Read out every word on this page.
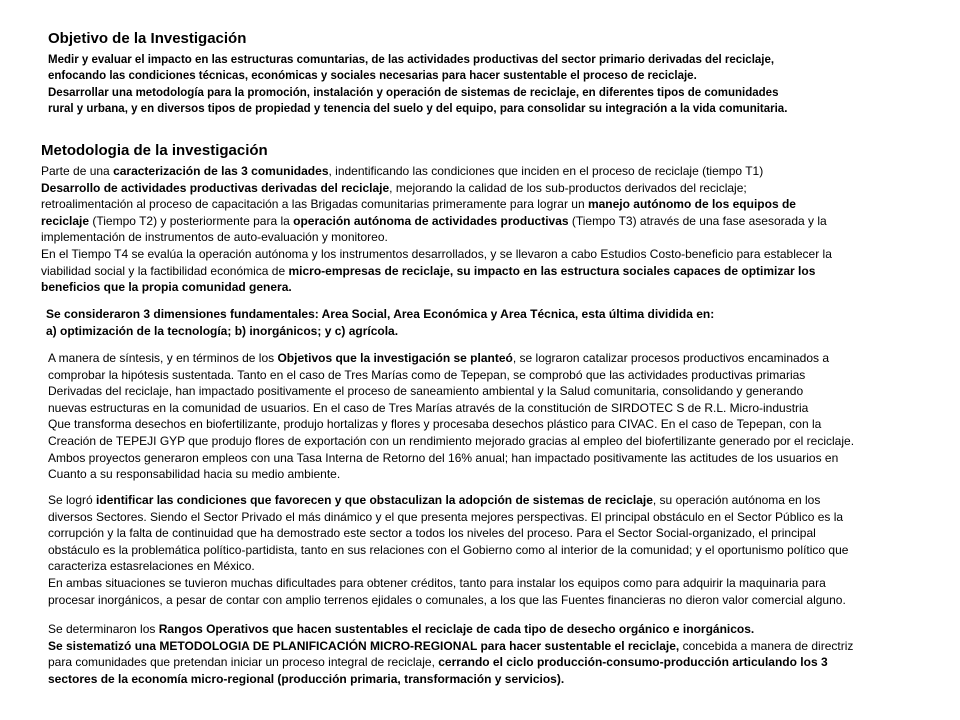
Objetivo de la Investigación
Medir y evaluar el impacto en las estructuras comuntarias, de las actividades productivas del sector primario derivadas del reciclaje,
enfocando las condiciones técnicas, económicas y sociales necesarias para hacer sustentable el proceso de reciclaje.
Desarrollar una metodología para la promoción, instalación y operación de sistemas de reciclaje, en diferentes tipos de comunidades
rural y urbana, y en diversos tipos de propiedad y tenencia del suelo y del equipo, para consolidar su integración a la vida comunitaria.
Metodologia de la investigación
Parte de una caracterización de las 3 comunidades, indentificando las condiciones que inciden en el proceso de reciclaje (tiempo T1)
Desarrollo de actividades productivas derivadas del reciclaje, mejorando la calidad de los sub-productos derivados del reciclaje;
retroalimentación al proceso de capacitación a las Brigadas comunitarias primeramente para lograr un manejo autónomo de los equipos de
reciclaje (Tiempo T2) y posteriormente para la operación autónoma de actividades productivas (Tiempo T3) através de una fase asesorada y la
implementación de instrumentos de auto-evaluación y monitoreo.
En el Tiempo T4 se evalúa la operación autónoma y los instrumentos desarrollados, y se llevaron a cabo Estudios Costo-beneficio para establecer la
viabilidad social y la factibilidad económica de micro-empresas de reciclaje, su impacto en las estructura sociales capaces de optimizar los
beneficios que la propia comunidad genera.
Se consideraron 3 dimensiones fundamentales: Area Social, Area Económica y Area Técnica, esta última dividida en:
a) optimización de la tecnología; b) inorgánicos; y c) agrícola.
A manera de síntesis, y en términos de los Objetivos que la investigación se planteó, se lograron catalizar procesos productivos encaminados a
comprobar la hipótesis sustentada. Tanto en el caso de Tres Marías como de Tepepan, se comprobó que las actividades productivas primarias
Derivadas del reciclaje, han impactado positivamente el proceso de saneamiento ambiental y la Salud comunitaria, consolidando y generando
nuevas estructuras en la comunidad de usuarios. En el caso de Tres Marías através de la constitución de SIRDOTEC S de R.L. Micro-industria
Que transforma desechos en biofertilizante, produjo hortalizas y flores y procesaba desechos plástico para CIVAC. En el caso de Tepepan, con la
Creación de TEPEJI GYP que produjo flores de exportación con un rendimiento mejorado gracias al empleo del biofertilizante generado por el reciclaje.
Ambos proyectos generaron empleos con una Tasa Interna de Retorno del 16% anual; han impactado positivamente las actitudes de los usuarios en
Cuanto a su responsabilidad hacia su medio ambiente.
Se logró identificar las condiciones que favorecen y que obstaculizan la adopción de sistemas de reciclaje, su operación autónoma en los
diversos Sectores. Siendo el Sector Privado el más dinámico y el que presenta mejores perspectivas. El principal obstáculo en el Sector Público es la
corrupción y la falta de continuidad que ha demostrado este sector a todos los niveles del proceso. Para el Sector Social-organizado, el principal
obstáculo es la problemática político-partidista, tanto en sus relaciones con el Gobierno como al interior de la comunidad; y el oportunismo político que
caracteriza estasrelaciones en México.
En ambas situaciones se tuvieron muchas dificultades para obtener créditos, tanto para instalar los equipos como para adquirir la maquinaria para
procesar inorgánicos, a pesar de contar con amplio terrenos ejidales o comunales, a los que las Fuentes financieras no dieron valor comercial alguno.
Se determinaron los Rangos Operativos que hacen sustentables el reciclaje de cada tipo de desecho orgánico e inorgánicos.
Se sistematizó una METODOLOGIA DE PLANIFICACIÓN MICRO-REGIONAL para hacer sustentable el reciclaje, concebida a manera de directriz
para comunidades que pretendan iniciar un proceso integral de reciclaje, cerrando el ciclo producción-consumo-producción articulando los 3
sectores de la economía micro-regional (producción primaria, transformación y servicios).
